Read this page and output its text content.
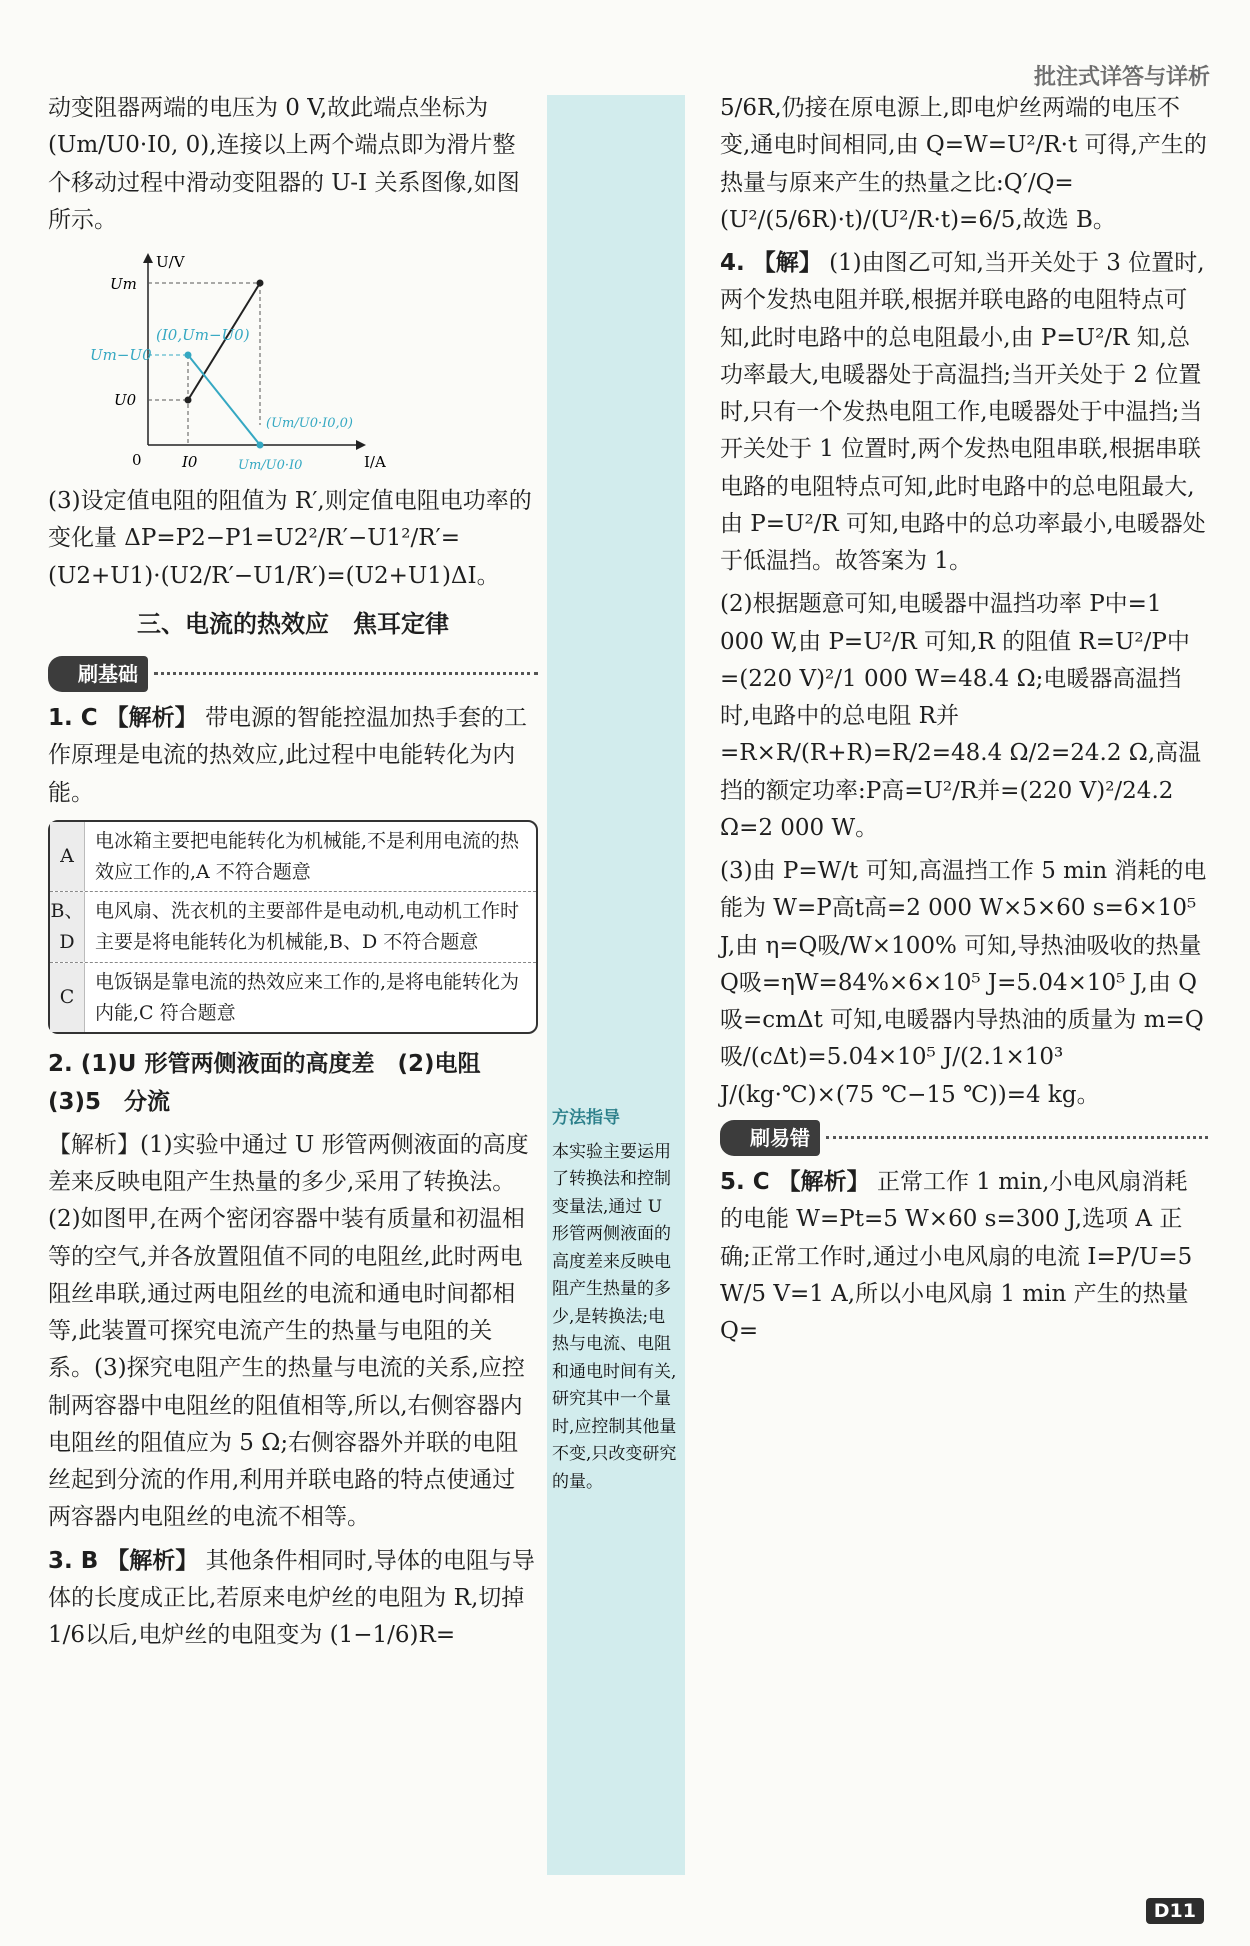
批注式详答与详析
方法指导
本实验主要运用了转换法和控制变量法,通过 U 形管两侧液面的高度差来反映电阻产生热量的多少,是转换法;电热与电流、电阻和通电时间有关,研究其中一个量时,应控制其他量不变,只改变研究的量。

动变阻器两端的电压为 0 V,故此端点坐标为 (Um/U0·I0, 0),连接以上两个端点即为滑片整个移动过程中滑动变阻器的 U-I 关系图像,如图所示。

U/V
I/A
0
Um
Um−U0
U0
I0
(I0,Um−U0)
(Um/U0·I0,0)
Um/U0·I0

(3)设定值电阻的阻值为 R′,则定值电阻电功率的变化量 ΔP=P2−P1=U2²/R′−U1²/R′=(U2+U1)·(U2/R′−U1/R′)=(U2+U1)ΔI。

三、电流的热效应　焦耳定律
刷基础

1. C 【解析】 带电源的智能控温加热手套的工作原理是电流的热效应,此过程中电能转化为内能。

A
电冰箱主要把电能转化为机械能,不是利用电流的热效应工作的,A 不符合题意
B、D
电风扇、洗衣机的主要部件是电动机,电动机工作时主要是将电能转化为机械能,B、D 不符合题意
C
电饭锅是靠电流的热效应来工作的,是将电能转化为内能,C 符合题意

2. (1)U 形管两侧液面的高度差　(2)电阻　(3)5　分流

【解析】(1)实验中通过 U 形管两侧液面的高度差来反映电阻产生热量的多少,采用了转换法。(2)如图甲,在两个密闭容器中装有质量和初温相等的空气,并各放置阻值不同的电阻丝,此时两电阻丝串联,通过两电阻丝的电流和通电时间都相等,此装置可探究电流产生的热量与电阻的关系。(3)探究电阻产生的热量与电流的关系,应控制两容器中电阻丝的阻值相等,所以,右侧容器内电阻丝的阻值应为 5 Ω;右侧容器外并联的电阻丝起到分流的作用,利用并联电路的特点使通过两容器内电阻丝的电流不相等。

3. B 【解析】 其他条件相同时,导体的电阻与导体的长度成正比,若原来电炉丝的电阻为 R,切掉1/6以后,电炉丝的电阻变为 (1−1/6)R=

5/6R,仍接在原电源上,即电炉丝两端的电压不变,通电时间相同,由 Q=W=U²/R·t 可得,产生的热量与原来产生的热量之比:Q′/Q=(U²/(5/6R)·t)/(U²/R·t)=6/5,故选 B。

4. 【解】 (1)由图乙可知,当开关处于 3 位置时,两个发热电阻并联,根据并联电路的电阻特点可知,此时电路中的总电阻最小,由 P=U²/R 知,总功率最大,电暖器处于高温挡;当开关处于 2 位置时,只有一个发热电阻工作,电暖器处于中温挡;当开关处于 1 位置时,两个发热电阻串联,根据串联电路的电阻特点可知,此时电路中的总电阻最大,由 P=U²/R 可知,电路中的总功率最小,电暖器处于低温挡。故答案为 1。

(2)根据题意可知,电暖器中温挡功率 P中=1 000 W,由 P=U²/R 可知,R 的阻值 R=U²/P中=(220 V)²/1 000 W=48.4 Ω;电暖器高温挡时,电路中的总电阻 R并=R×R/(R+R)=R/2=48.4 Ω/2=24.2 Ω,高温挡的额定功率:P高=U²/R并=(220 V)²/24.2 Ω=2 000 W。

(3)由 P=W/t 可知,高温挡工作 5 min 消耗的电能为 W=P高t高=2 000 W×5×60 s=6×10⁵ J,由 η=Q吸/W×100% 可知,导热油吸收的热量 Q吸=ηW=84%×6×10⁵ J=5.04×10⁵ J,由 Q吸=cmΔt 可知,电暖器内导热油的质量为 m=Q吸/(cΔt)=5.04×10⁵ J/(2.1×10³ J/(kg·℃)×(75 ℃−15 ℃))=4 kg。

刷易错

5. C 【解析】 正常工作 1 min,小电风扇消耗的电能 W=Pt=5 W×60 s=300 J,选项 A 正确;正常工作时,通过小电风扇的电流 I=P/U=5 W/5 V=1 A,所以小电风扇 1 min 产生的热量 Q=

D11
